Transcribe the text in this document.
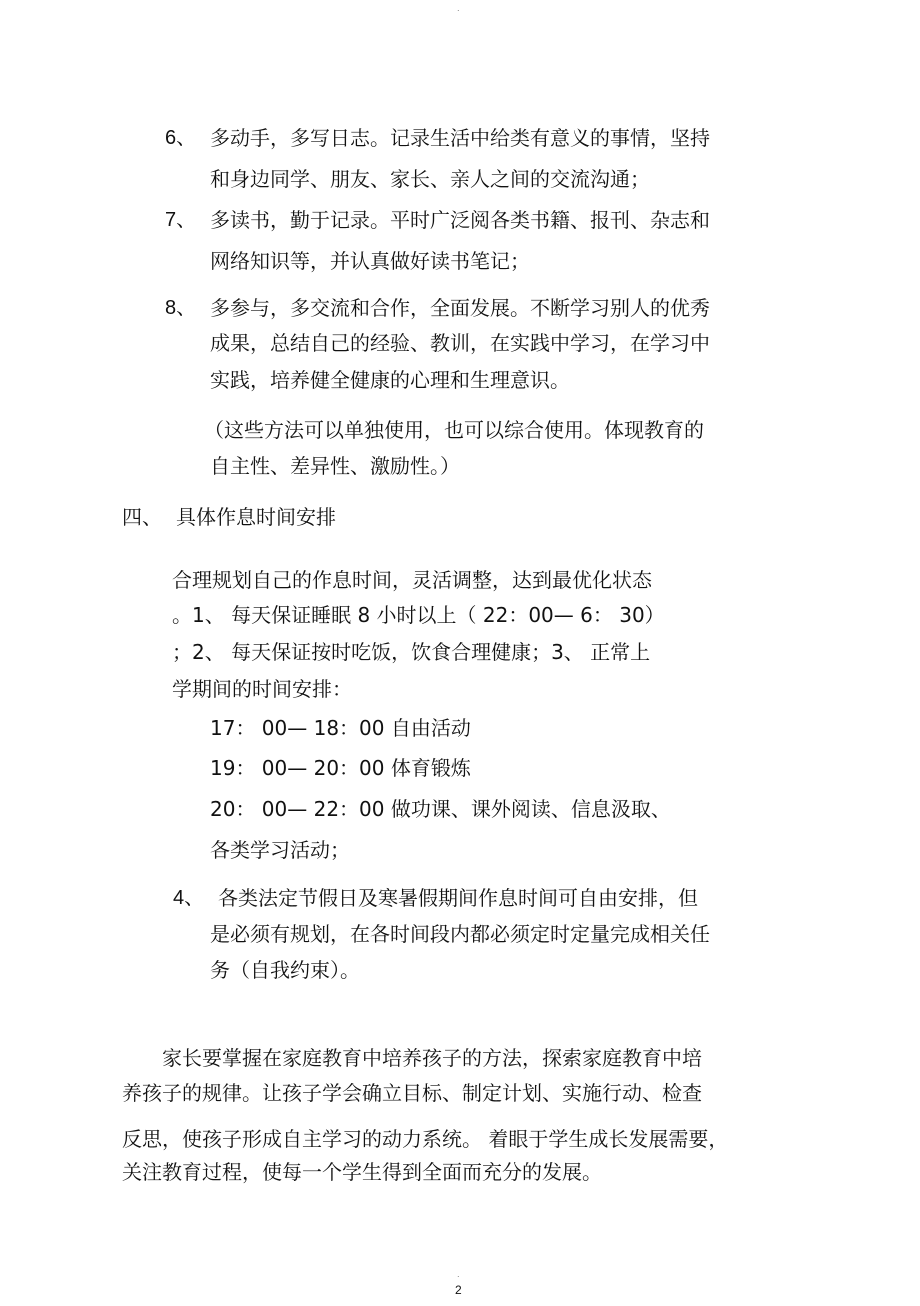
.
6、 多动手，多写日志。记录生活中给类有意义的事情，坚持
和身边同学、朋友、家长、亲人之间的交流沟通；
7、 多读书，勤于记录。平时广泛阅各类书籍、报刊、杂志和
网络知识等，并认真做好读书笔记；
8、 多参与，多交流和合作，全面发展。不断学习别人的优秀
成果，总结自己的经验、教训，在实践中学习，在学习中
实践，培养健全健康的心理和生理意识。
（这些方法可以单独使用，也可以综合使用。体现教育的
自主性、差异性、激励性。）
四、 具体作息时间安排
合理规划自己的作息时间，灵活调整，达到最优化状态
。1、 每天保证睡眠 8 小时以上（ 22：00— 6： 30）
；2、 每天保证按时吃饭，饮食合理健康；3、 正常上
学期间的时间安排：
17： 00— 18：00 自由活动
19： 00— 20：00 体育锻炼
20： 00— 22：00 做功课、课外阅读、信息汲取、
各类学习活动；
4、 各类法定节假日及寒暑假期间作息时间可自由安排，但
是必须有规划，在各时间段内都必须定时定量完成相关任
务（自我约束）。
家长要掌握在家庭教育中培养孩子的方法，探索家庭教育中培
养孩子的规律。让孩子学会确立目标、制定计划、实施行动、检查
反思，使孩子形成自主学习的动力系统。 着眼于学生成长发展需要，
关注教育过程，使每一个学生得到全面而充分的发展。
.
2
